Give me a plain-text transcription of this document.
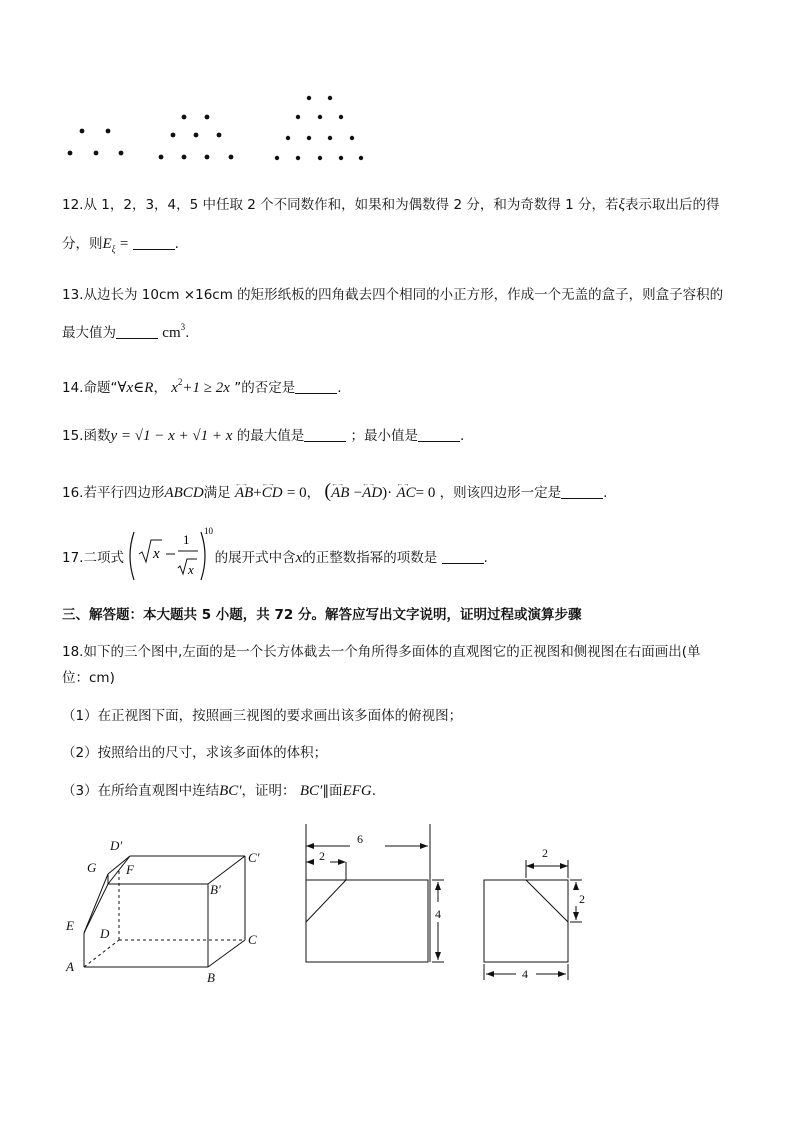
12.从 1，2，3，4，5 中任取 2 个不同数作和，如果和为偶数得 2 分，和为奇数得 1 分，若ξ表示取出后的得
分，则$E_\xi$ =	.
13.从边长为 10cm ×16cm 的矩形纸板的四角截去四个相同的小正方形，作成一个无盖的盒子，则盒子容积的
最大值为	$cm^3$.
14.命题“∀x∈R， $x^2+1 \ge 2x$ ”的否定是	.
15.函数y = √1 − x + √1 + x 的最大值是	；最小值是	.
16.若平行四边形ABCD满足 ←→ AB+←→ CD = 0， (←→ AB −←→ AD)· ←→ AC= 0 ，则该四边形一定是	.
17.二项式 x
1
x
10
的展开式中含x的正整数指幂的项数是	.
三、解答题：本大题共 5 小题，共 72 分。解答应写出文字说明，证明过程或演算步骤
18.如下的三个图中,左面的是一个长方体截去一个角所得多面体的直观图它的正视图和侧视图在右面画出(单
位：cm)
（1）在正视图下面，按照画三视图的要求画出该多面体的俯视图；
（2）按照给出的尺寸，求该多面体的体积；
（3）在所给直观图中连结BC′，证明： BC′∥面EFG.
D′
G F
C′
B′
E
D	C
A
B
6
2
4
2
2
4
